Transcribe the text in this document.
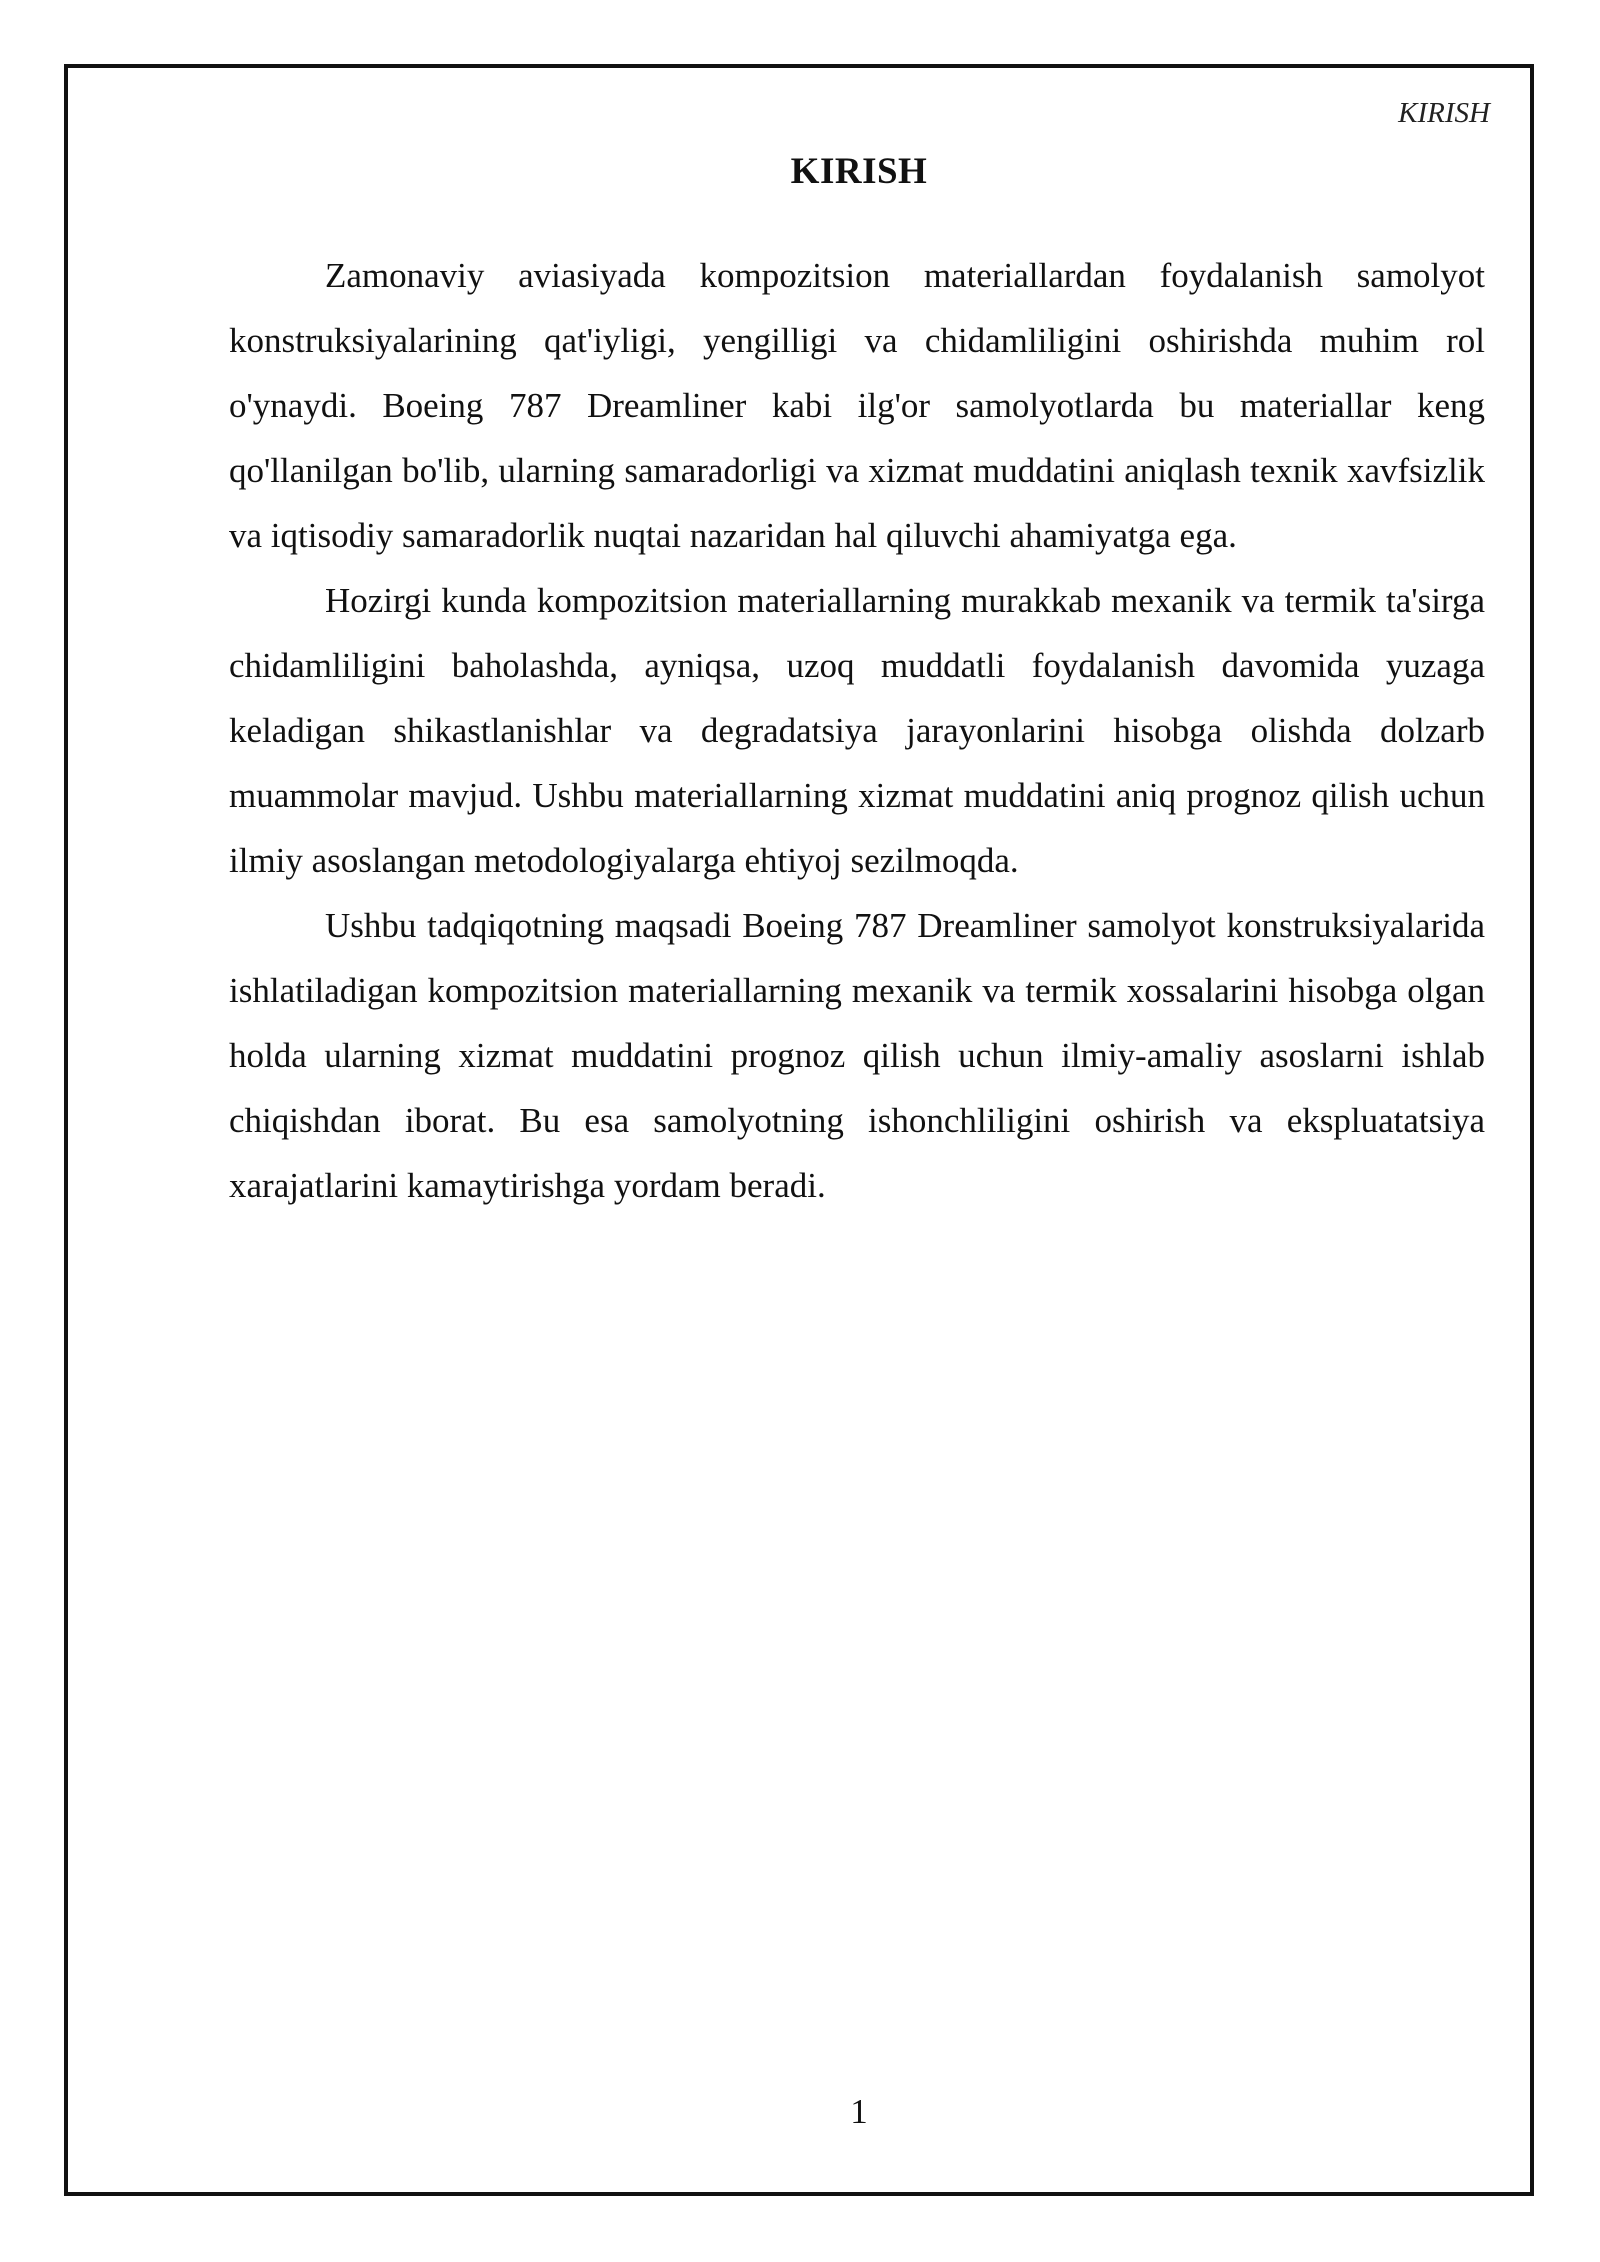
KIRISH
KIRISH

Zamonaviy aviasiyada kompozitsion materiallardan foydalanish samolyot konstruksiyalarining qat'iyligi, yengilligi va chidamliligini oshirishda muhim rol o'ynaydi. Boeing 787 Dreamliner kabi ilg'or samolyotlarda bu materiallar keng qo'llanilgan bo'lib, ularning samaradorligi va xizmat muddatini aniqlash texnik xavfsizlik va iqtisodiy samaradorlik nuqtai nazaridan hal qiluvchi ahamiyatga ega.

Hozirgi kunda kompozitsion materiallarning murakkab mexanik va termik ta'sirga chidamliligini baholashda, ayniqsa, uzoq muddatli foydalanish davomida yuzaga keladigan shikastlanishlar va degradatsiya jarayonlarini hisobga olishda dolzarb muammolar mavjud. Ushbu materiallarning xizmat muddatini aniq prognoz qilish uchun ilmiy asoslangan metodologiyalarga ehtiyoj sezilmoqda.

Ushbu tadqiqotning maqsadi Boeing 787 Dreamliner samolyot konstruksiyalarida ishlatiladigan kompozitsion materiallarning mexanik va termik xossalarini hisobga olgan holda ularning xizmat muddatini prognoz qilish uchun ilmiy-amaliy asoslarni ishlab chiqishdan iborat. Bu esa samolyotning ishonchliligini oshirish va ekspluatatsiya xarajatlarini kamaytirishga yordam beradi.

1
